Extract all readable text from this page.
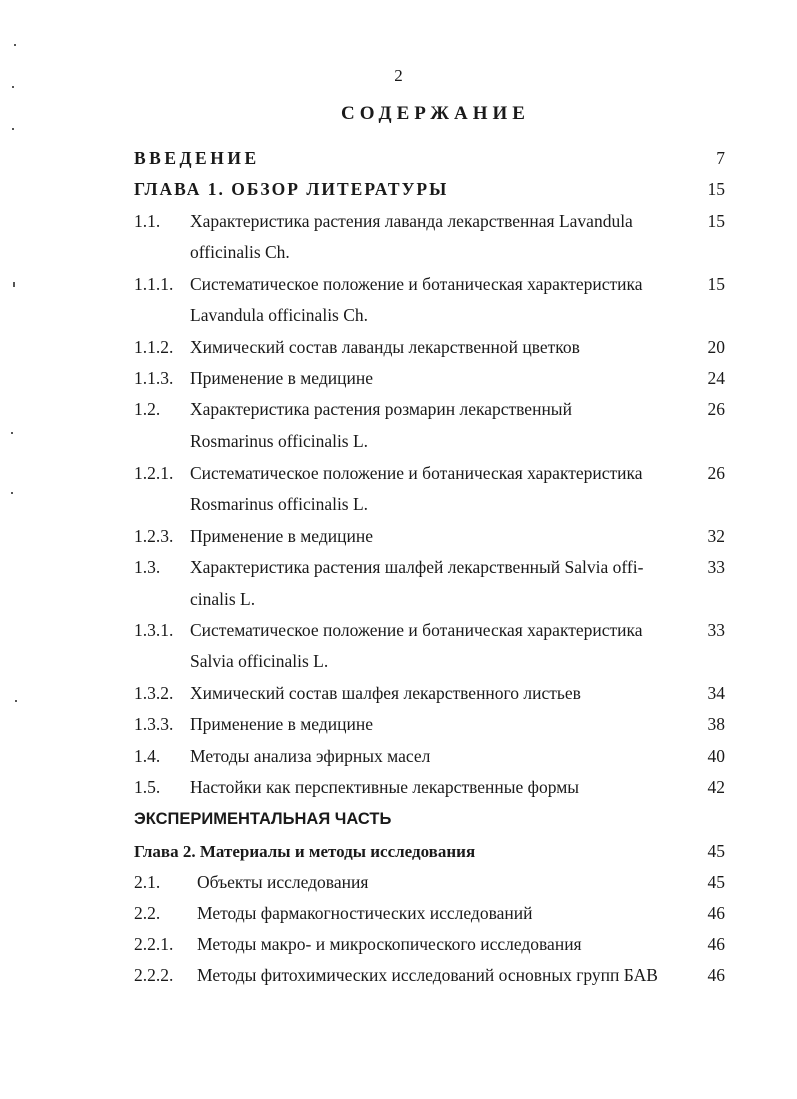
2
СОДЕРЖАНИЕ
ВВЕДЕНИЕ	7
ГЛАВА 1. ОБЗОР ЛИТЕРАТУРЫ	15
1.1. Характеристика растения лаванда лекарственная Lavandula	15
officinalis Ch.
1.1.1. Систематическое положение и ботаническая характеристика	15
Lavandula officinalis Ch.
1.1.2. Химический состав лаванды лекарственной цветков	20
1.1.3. Применение в медицине	24
1.2. Характеристика растения розмарин лекарственный	26
Rosmarinus officinalis L.
1.2.1. Систематическое положение и ботаническая характеристика	26
Rosmarinus officinalis L.
1.2.3. Применение в медицине	32
1.3. Характеристика растения шалфей лекарственный Salvia offi-	33
cinalis L.
1.3.1. Систематическое положение и ботаническая характеристика	33
Salvia officinalis L.
1.3.2. Химический состав шалфея лекарственного листьев	34
1.3.3. Применение в медицине	38
1.4. Методы анализа эфирных масел	40
1.5. Настойки как перспективные лекарственные формы	42
ЭКСПЕРИМЕНТАЛЬНАЯ ЧАСТЬ
Глава 2. Материалы и методы исследования	45
2.1. Объекты исследования	45
2.2. Методы фармакогностических исследований	46
2.2.1. Методы макро- и микроскопического исследования	46
2.2.2. Методы фитохимических исследований основных групп БАВ	46
